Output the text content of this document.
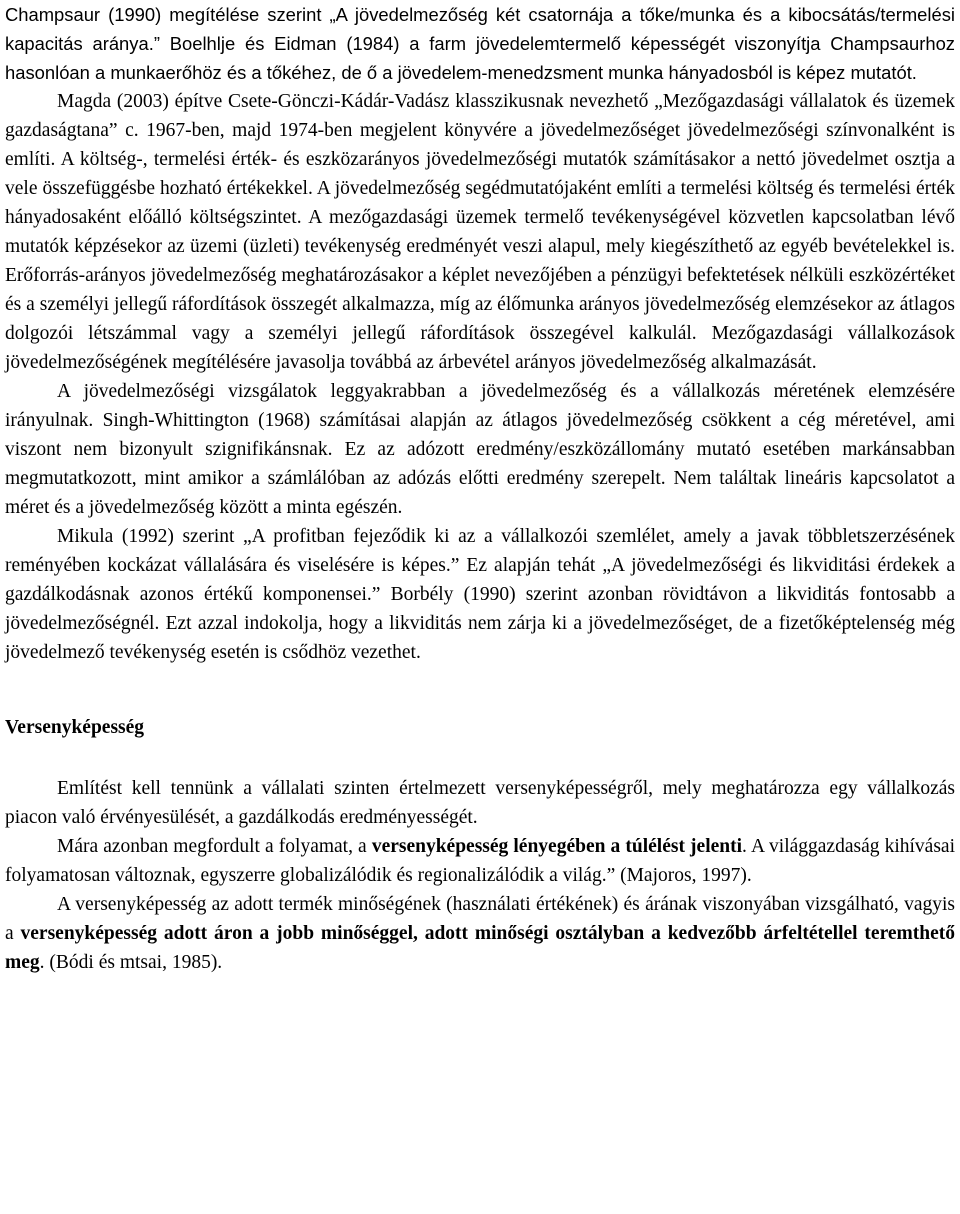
Champsaur (1990) megítélése szerint „A jövedelmezőség két csatornája a tőke/munka és a kibocsátás/termelési kapacitás aránya.” Boelhlje és Eidman (1984) a farm jövedelemtermelő képességét viszonyítja Champsaurhoz hasonlóan a munkaerőhöz és a tőkéhez, de ő a jövedelem-menedzsment munka hányadosból is képez mutatót.

Magda (2003) építve Csete-Gönczi-Kádár-Vadász klasszikusnak nevezhető „Mezőgazdasági vállalatok és üzemek gazdaságtana” c. 1967-ben, majd 1974-ben megjelent könyvére a jövedelmezőséget jövedelmezőségi színvonalként is említi. A költség-, termelési érték- és eszközarányos jövedelmezőségi mutatók számításakor a nettó jövedelmet osztja a vele összefüggésbe hozható értékekkel. A jövedelmezőség segédmutatójaként említi a termelési költség és termelési érték hányadosaként előálló költségszintet. A mezőgazdasági üzemek termelő tevékenységével közvetlen kapcsolatban lévő mutatók képzésekor az üzemi (üzleti) tevékenység eredményét veszi alapul, mely kiegészíthető az egyéb bevételekkel is. Erőforrás-arányos jövedelmezőség meghatározásakor a képlet nevezőjében a pénzügyi befektetések nélküli eszközértéket és a személyi jellegű ráfordítások összegét alkalmazza, míg az élőmunka arányos jövedelmezőség elemzésekor az átlagos dolgozói létszámmal vagy a személyi jellegű ráfordítások összegével kalkulál. Mezőgazdasági vállalkozások jövedelmezőségének megítélésére javasolja továbbá az árbevétel arányos jövedelmezőség alkalmazását.

A jövedelmezőségi vizsgálatok leggyakrabban a jövedelmezőség és a vállalkozás méretének elemzésére irányulnak. Singh-Whittington (1968) számításai alapján az átlagos jövedelmezőség csökkent a cég méretével, ami viszont nem bizonyult szignifikánsnak. Ez az adózott eredmény/eszközállomány mutató esetében markánsabban megmutatkozott, mint amikor a számlálóban az adózás előtti eredmény szerepelt. Nem találtak lineáris kapcsolatot a méret és a jövedelmezőség között a minta egészén.

Mikula (1992) szerint „A profitban fejeződik ki az a vállalkozói szemlélet, amely a javak többletszerzésének reményében kockázat vállalására és viselésére is képes.” Ez alapján tehát „A jövedelmezőségi és likviditási érdekek a gazdálkodásnak azonos értékű komponensei.” Borbély (1990) szerint azonban rövidtávon a likviditás fontosabb a jövedelmezőségnél. Ezt azzal indokolja, hogy a likviditás nem zárja ki a jövedelmezőséget, de a fizetőképtelenség még jövedelmező tevékenység esetén is csődhöz vezethet.

Versenyképesség

Említést kell tennünk a vállalati szinten értelmezett versenyképességről, mely meghatározza egy vállalkozás piacon való érvényesülését, a gazdálkodás eredményességét.

Mára azonban megfordult a folyamat, a versenyképesség lényegében a túlélést jelenti. A világgazdaság kihívásai folyamatosan változnak, egyszerre globalizálódik és regionalizálódik a világ.” (Majoros, 1997).

A versenyképesség az adott termék minőségének (használati értékének) és árának viszonyában vizsgálható, vagyis a versenyképesség adott áron a jobb minőséggel, adott minőségi osztályban a kedvezőbb árfeltétellel teremthető meg. (Bódi és mtsai, 1985).
